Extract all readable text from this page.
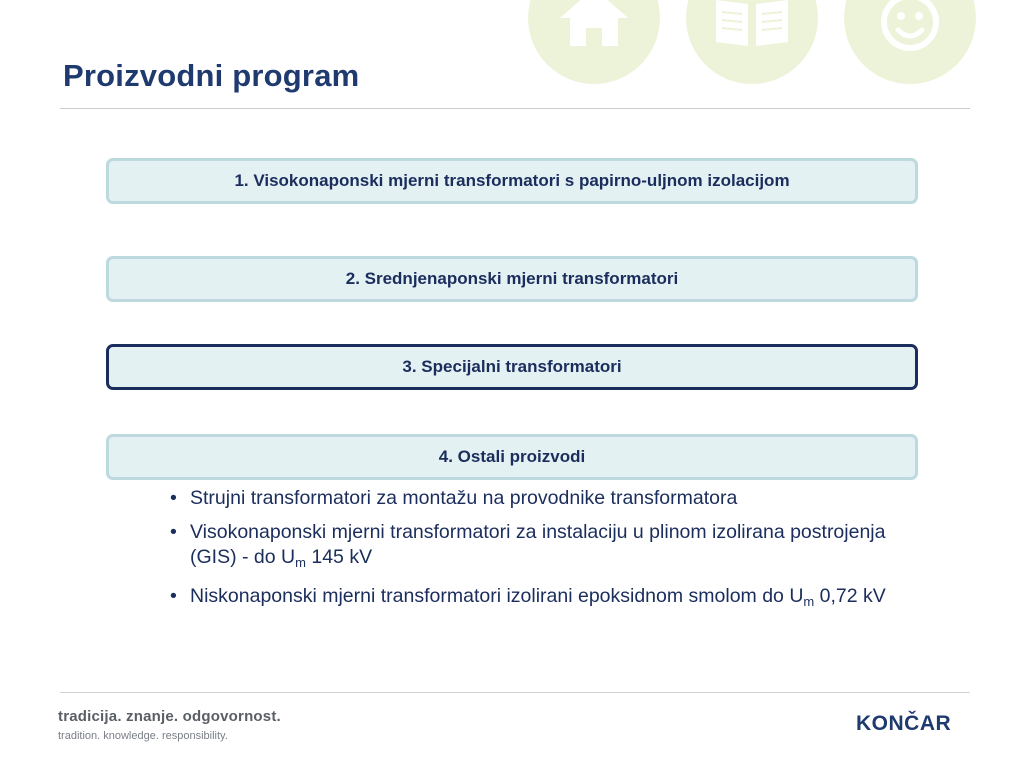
Proizvodni program
1. Visokonaponski mjerni transformatori s papirno-uljnom izolacijom
2. Srednjenaponski mjerni transformatori
3. Specijalni transformatori
4. Ostali proizvodi
• Strujni transformatori za montažu na provodnike transformatora
• Visokonaponski mjerni transformatori za instalaciju u plinom izolirana postrojenja (GIS) - do $U_m$ 145 kV
• Niskonaponski mjerni transformatori izolirani epoksidnom smolom do $U_m$ 0,72 kV
tradicija. znanje. odgovornost.
tradition. knowledge. responsibility.
KONČAR
